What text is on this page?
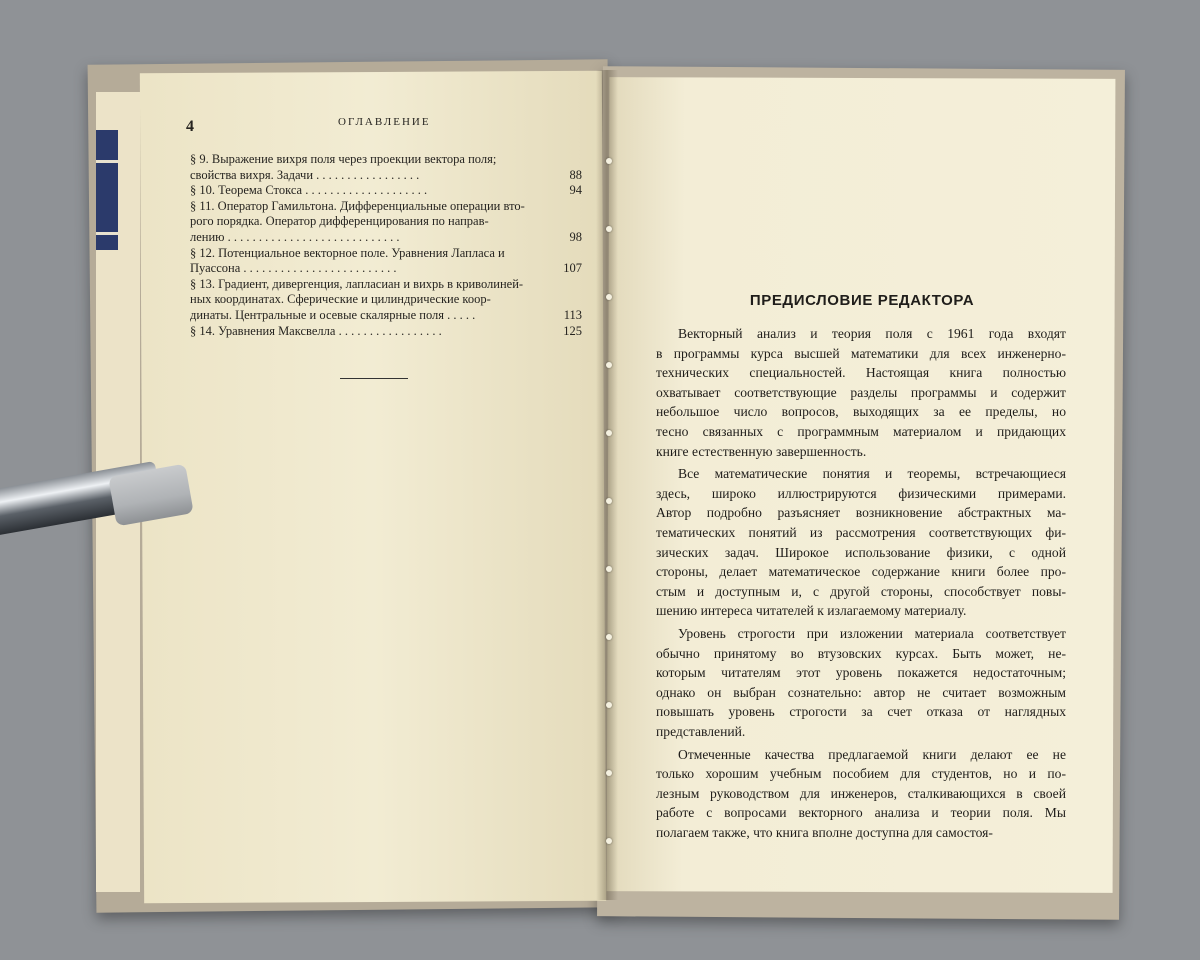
4	ОГЛАВЛЕНИЕ
§ 9. Выражение вихря поля через проекции вектора поля;
свойства вихря. Задачи . . . . . . . . . . . . . . . . .	88
§ 10. Теорема Стокса . . . . . . . . . . . . . . . . . . . .	94
§ 11. Оператор Гамильтона. Дифференциальные операции вто-
рого порядка. Оператор дифференцирования по направ-
лению . . . . . . . . . . . . . . . . . . . . . . . . . . . .	98
§ 12. Потенциальное векторное поле. Уравнения Лапласа и
Пуассона . . . . . . . . . . . . . . . . . . . . . . . . .	107
§ 13. Градиент, дивергенция, лапласиан и вихрь в криволиней-
ных координатах. Сферические и цилиндрические коор-
динаты. Центральные и осевые скалярные поля . . . . .	113
§ 14. Уравнения Максвелла . . . . . . . . . . . . . . . . .	125
ПРЕДИСЛОВИЕ РЕДАКТОРА
Векторный анализ и теория поля с 1961 года входят
в программы курса высшей математики для всех инженерно-
технических специальностей. Настоящая книга полностью
охватывает соответствующие разделы программы и содержит
небольшое число вопросов, выходящих за ее пределы, но
тесно связанных с программным материалом и придающих
книге естественную завершенность.
Все математические понятия и теоремы, встречающиеся
здесь, широко иллюстрируются физическими примерами.
Автор подробно разъясняет возникновение абстрактных ма-
тематических понятий из рассмотрения соответствующих фи-
зических задач. Широкое использование физики, с одной
стороны, делает математическое содержание книги более про-
стым и доступным и, с другой стороны, способствует повы-
шению интереса читателей к излагаемому материалу.
Уровень строгости при изложении материала соответствует
обычно принятому во втузовских курсах. Быть может, не-
которым читателям этот уровень покажется недостаточным;
однако он выбран сознательно: автор не считает возможным
повышать уровень строгости за счет отказа от наглядных
представлений.
Отмеченные качества предлагаемой книги делают ее не
только хорошим учебным пособием для студентов, но и по-
лезным руководством для инженеров, сталкивающихся в своей
работе с вопросами векторного анализа и теории поля. Мы
полагаем также, что книга вполне доступна для самостоя-
